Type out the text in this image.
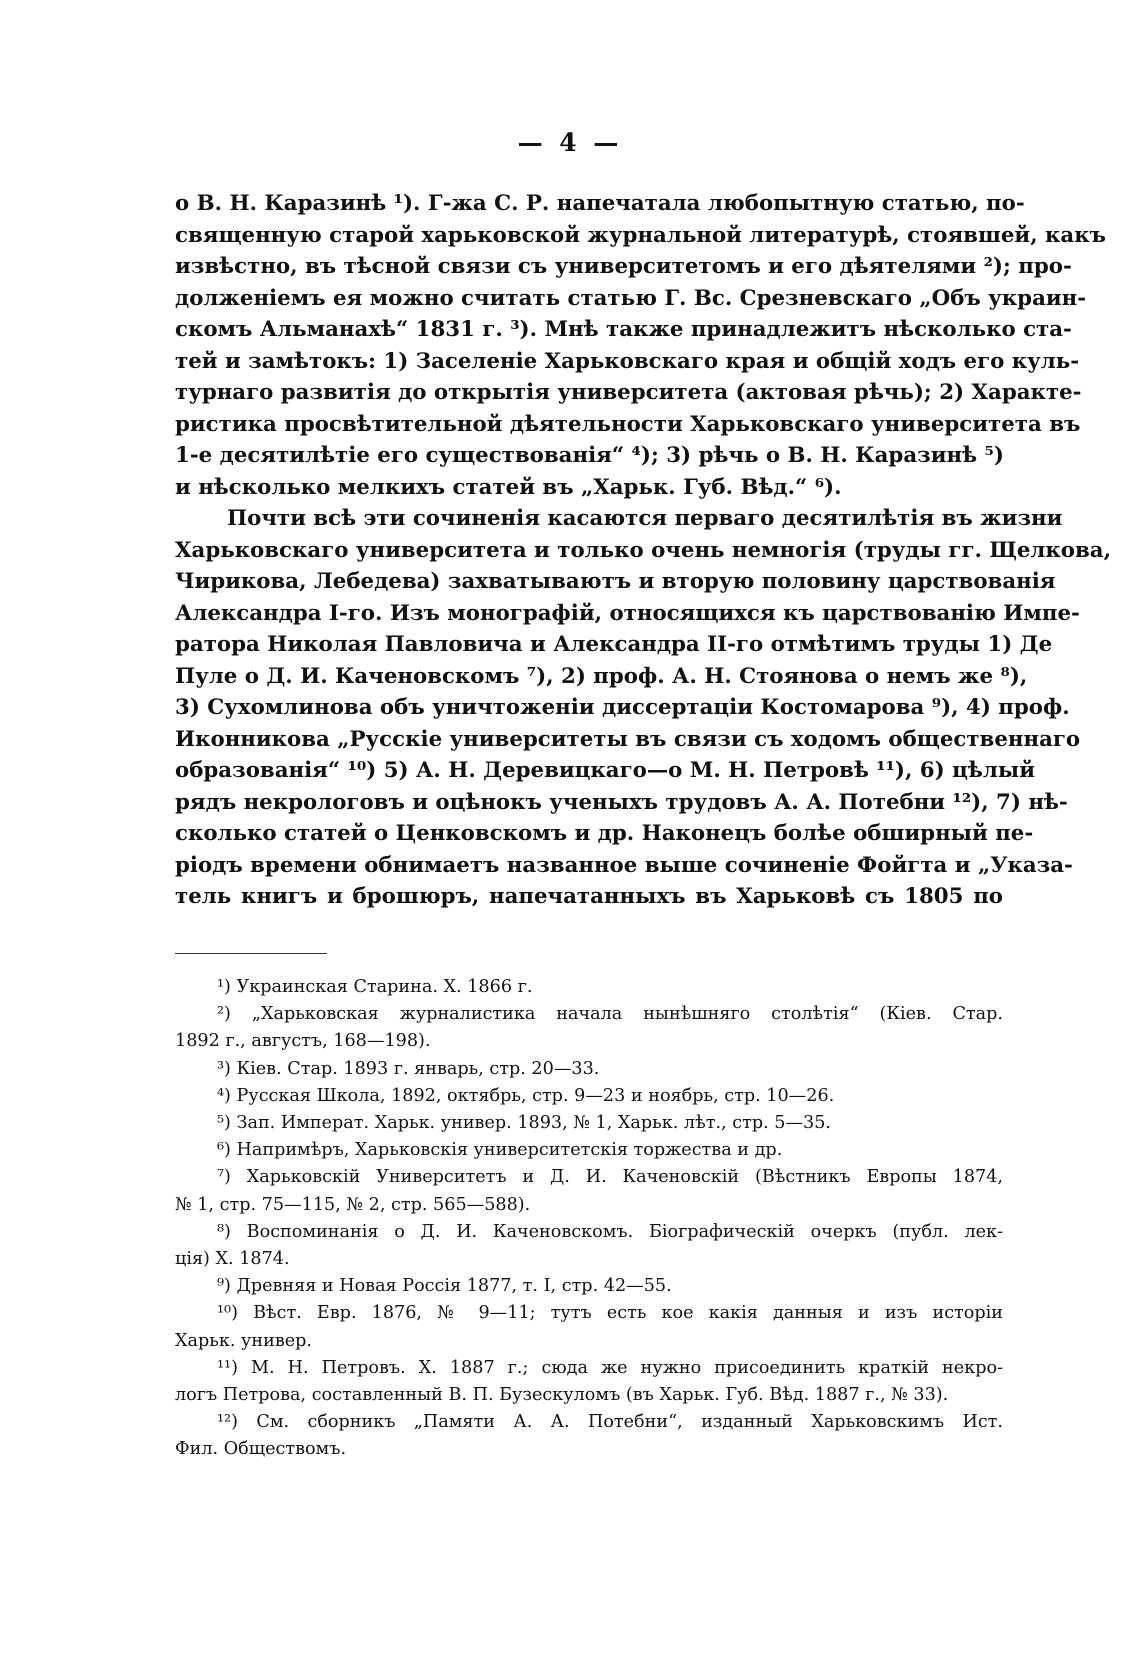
— 4 —

о В. Н. Каразинѣ ¹). Г-жа С. Р. напечатала любопытную статью, по-
священную старой харьковской журнальной литературѣ, стоявшей, какъ
извѣстно, въ тѣсной связи съ университетомъ и его дѣятелями ²); про-
долженіемъ ея можно считать статью Г. Вс. Срезневскаго „Объ украин-
скомъ Альманахѣ“ 1831 г. ³). Мнѣ также принадлежитъ нѣсколько ста-
тей и замѣтокъ: 1) Заселеніе Харьковскаго края и общій ходъ его куль-
турнаго развитія до открытія университета (актовая рѣчь); 2) Характе-
ристика просвѣтительной дѣятельности Харьковскаго университета въ
1-е десятилѣтіе его существованія“ ⁴); 3) рѣчь о В. Н. Каразинѣ ⁵)
и нѣсколько мелкихъ статей въ „Харьк. Губ. Вѣд.“ ⁶).

Почти всѣ эти сочиненія касаются перваго десятилѣтія въ жизни
Харьковскаго университета и только очень немногія (труды гг. Щелкова,
Чирикова, Лебедева) захватываютъ и вторую половину царствованія
Александра I-го. Изъ монографій, относящихся къ царствованію Импе-
ратора Николая Павловича и Александра II-го отмѣтимъ труды 1) Де
Пуле о Д. И. Каченовскомъ ⁷), 2) проф. А. Н. Стоянова о немъ же ⁸),
3) Сухомлинова объ уничтоженіи диссертаціи Костомарова ⁹), 4) проф.
Иконникова „Русскіе университеты въ связи съ ходомъ общественнаго
образованія“ ¹⁰) 5) А. Н. Деревицкаго—о М. Н. Петровѣ ¹¹), 6) цѣлый
рядъ некрологовъ и оцѣнокъ ученыхъ трудовъ А. А. Потебни ¹²), 7) нѣ-
сколько статей о Ценковскомъ и др. Наконецъ болѣе обширный пе-
ріодъ времени обнимаетъ названное выше сочиненіе Фойгта и „Указа-
тель книгъ и брошюръ, напечатанныхъ въ Харьковѣ съ 1805 по

¹) Украинская Старина. Х. 1866 г.
²) „Харьковская журналистика начала нынѣшняго столѣтія“ (Кіев. Стар.
1892 г., августъ, 168—198).
³) Кіев. Стар. 1893 г. январь, стр. 20—33.
⁴) Русская Школа, 1892, октябрь, стр. 9—23 и ноябрь, стр. 10—26.
⁵) Зап. Императ. Харьк. универ. 1893, № 1, Харьк. лѣт., стр. 5—35.
⁶) Напримѣръ, Харьковскія университетскія торжества и др.
⁷) Харьковскій Университетъ и Д. И. Каченовскій (Вѣстникъ Европы 1874,
№ 1, стр. 75—115, № 2, стр. 565—588).
⁸) Воспоминанія о Д. И. Каченовскомъ. Біографическій очеркъ (публ. лек-
ція) Х. 1874.
⁹) Древняя и Новая Россія 1877, т. I, стр. 42—55.
¹⁰) Вѣст. Евр. 1876, № 9—11; тутъ есть кое какія данныя и изъ исторіи
Харьк. универ.
¹¹) М. Н. Петровъ. Х. 1887 г.; сюда же нужно присоединить краткій некро-
логъ Петрова, составленный В. П. Бузескуломъ (въ Харьк. Губ. Вѣд. 1887 г., № 33).
¹²) См. сборникъ „Памяти А. А. Потебни“, изданный Харьковскимъ Ист.
Фил. Обществомъ.
